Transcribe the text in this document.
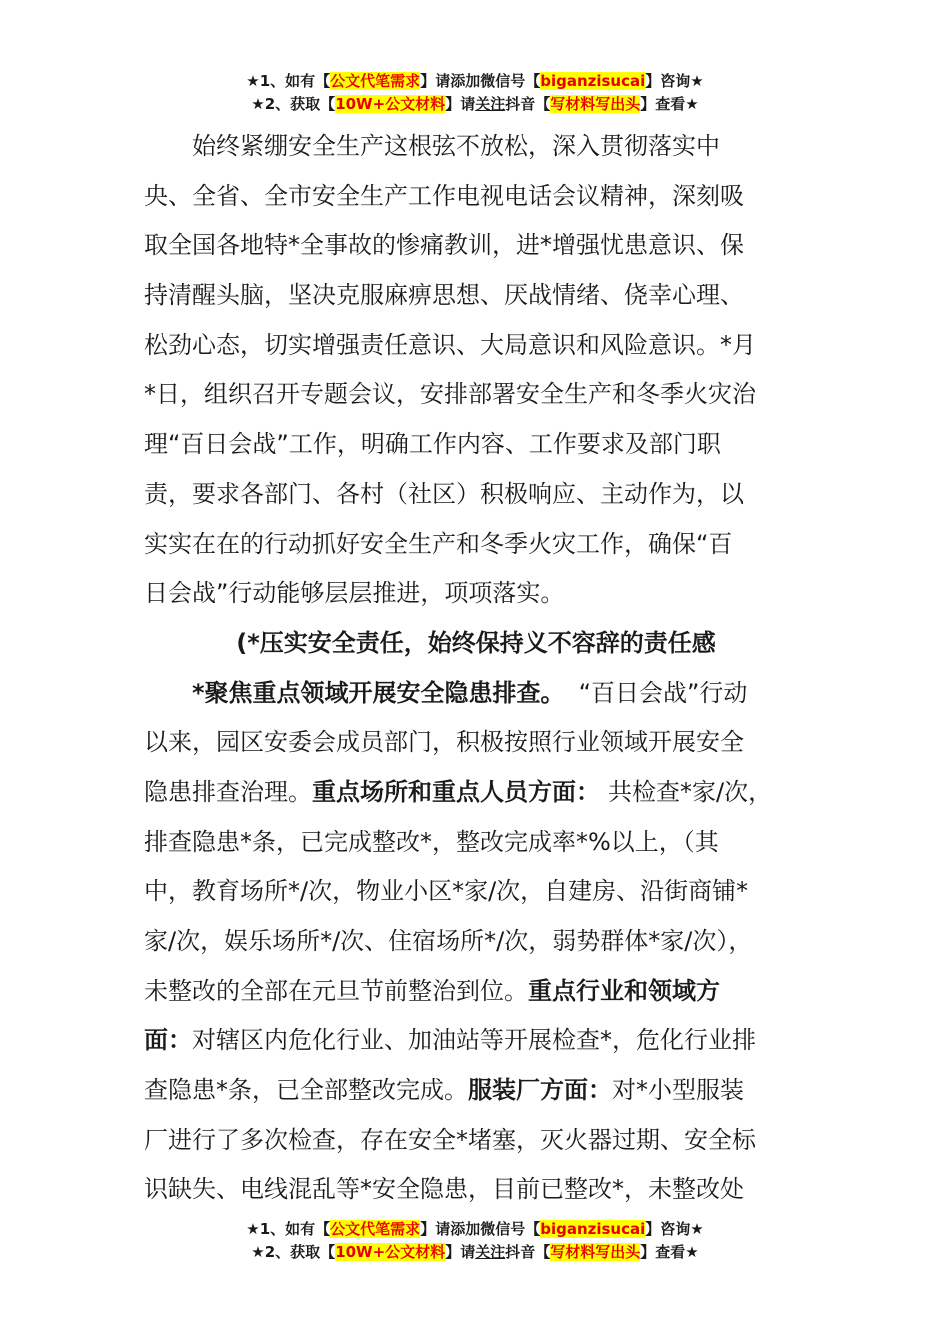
★1、如有【公文代笔需求】请添加微信号【biganzisucai】咨询★
★2、获取【10W+公文材料】请关注抖音【写材料写出头】查看★
　　始终紧绷安全生产这根弦不放松，深入贯彻落实中
央、全省、全市安全生产工作电视电话会议精神，深刻吸
取全国各地特*全事故的惨痛教训，进*增强忧患意识、保
持清醒头脑，坚决克服麻痹思想、厌战情绪、侥幸心理、
松劲心态，切实增强责任意识、大局意识和风险意识。*月
*日，组织召开专题会议，安排部署安全生产和冬季火灾治
理“百日会战”工作，明确工作内容、工作要求及部门职
责，要求各部门、各村（社区）积极响应、主动作为，以
实实在在的行动抓好安全生产和冬季火灾工作，确保“百
日会战”行动能够层层推进，项项落实。
(*压实安全责任，始终保持义不容辞的责任感
　　*聚焦重点领域开展安全隐患排查。 “百日会战”行动
以来，园区安委会成员部门，积极按照行业领域开展安全
隐患排查治理。 重点场所和重点人员方面： 共检查*家/次，
排查隐患*条，已完成整改*，整改完成率*%以上，（其
中，教育场所*/次，物业小区*家/次，自建房、沿街商铺*
家/次，娱乐场所*/次、住宿场所*/次，弱势群体*家/次），
未整改的全部在元旦节前整治到位。 重点行业和领域方
面： 对辖区内危化行业、加油站等开展检查*，危化行业排
查隐患*条，已全部整改完成。 服装厂方面： 对*小型服装
厂进行了多次检查，存在安全*堵塞，灭火器过期、安全标
识缺失、电线混乱等*安全隐患，目前已整改*，未整改处
★1、如有【公文代笔需求】请添加微信号【biganzisucai】咨询★
★2、获取【10W+公文材料】请关注抖音【写材料写出头】查看★
